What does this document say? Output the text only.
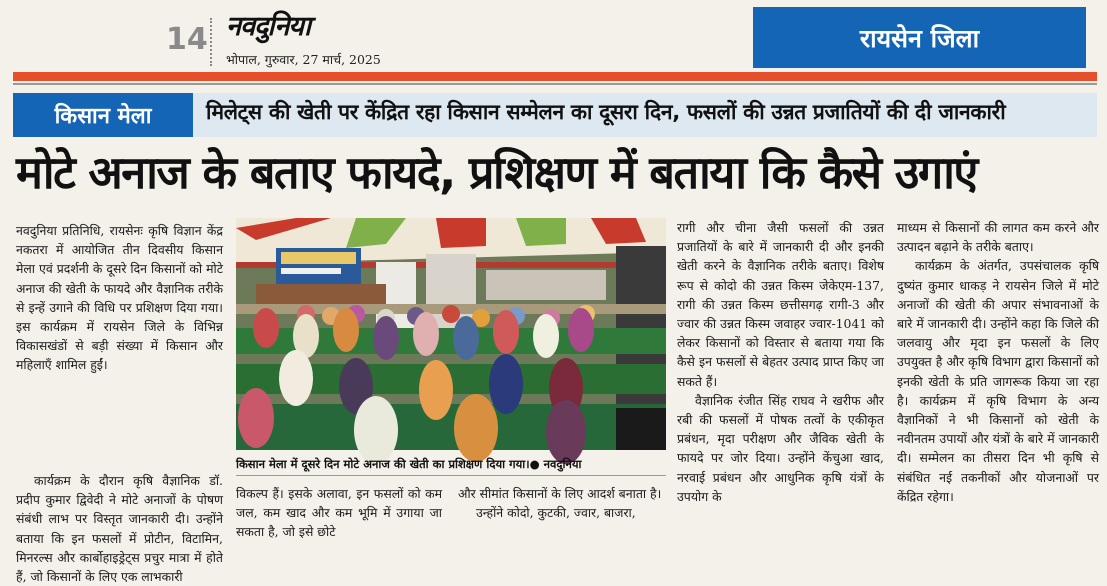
14 नवदुनिया
भोपाल, गुरुवार, 27 मार्च, 2025
रायसेन जिला
किसान मेला	मिलेट्स की खेती पर केंद्रित रहा किसान सम्मेलन का दूसरा दिन, फसलों की उन्नत प्रजातियों की दी जानकारी
मोटे अनाज के बताए फायदे, प्रशिक्षण में बताया कि कैसे उगाएं

नवदुनिया प्रतिनिधि, रायसेनः कृषि विज्ञान केंद्र नकतरा में आयोजित तीन दिवसीय किसान मेला एवं प्रदर्शनी के दूसरे दिन किसानों को मोटे अनाज की खेती के फायदे और वैज्ञानिक तरीके से इन्हें उगाने की विधि पर प्रशिक्षण दिया गया। इस कार्यक्रम में रायसेन जिले के विभिन्न विकासखंडों से बड़ी संख्या में किसान और महिलाएँ शामिल हुईं।

कार्यक्रम के दौरान कृषि वैज्ञानिक डॉ. प्रदीप कुमार द्विवेदी ने मोटे अनाजों के पोषण संबंधी लाभ पर विस्तृत जानकारी दी। उन्होंने बताया कि इन फसलों में प्रोटीन, विटामिन, मिनरल्स और कार्बोहाइड्रेट्स प्रचुर मात्रा में होते हैं, जो किसानों के लिए एक लाभकारी

किसान मेला में दूसरे दिन मोटे अनाज की खेती का प्रशिक्षण दिया गया।● नवदुनिया

विकल्प हैं। इसके अलावा, इन फसलों को कम जल, कम खाद और कम भूमि में उगाया जा सकता है, जो इसे छोटे

और सीमांत किसानों के लिए आदर्श बनाता है।

उन्होंने कोदो, कुटकी, ज्वार, बाजरा,

रागी और चीना जैसी फसलों की उन्नत प्रजातियों के बारे में जानकारी दी और इनकी खेती करने के वैज्ञानिक तरीके बताए। विशेष रूप से कोदो की उन्नत किस्म जेकेएम-137, रागी की उन्नत किस्म छत्तीसगढ़ रागी-3 और ज्वार की उन्नत किस्म जवाहर ज्वार-1041 को लेकर किसानों को विस्तार से बताया गया कि कैसे इन फसलों से बेहतर उत्पाद प्राप्त किए जा सकते हैं।

वैज्ञानिक रंजीत सिंह राघव ने खरीफ और रबी की फसलों में पोषक तत्वों के एकीकृत प्रबंधन, मृदा परीक्षण और जैविक खेती के फायदे पर जोर दिया। उन्होंने केंचुआ खाद, नरवाई प्रबंधन और आधुनिक कृषि यंत्रों के उपयोग के

माध्यम से किसानों की लागत कम करने और उत्पादन बढ़ाने के तरीके बताए।

कार्यक्रम के अंतर्गत, उपसंचालक कृषि दुष्यंत कुमार धाकड़ ने रायसेन जिले में मोटे अनाजों की खेती की अपार संभावनाओं के बारे में जानकारी दी। उन्होंने कहा कि जिले की जलवायु और मृदा इन फसलों के लिए उपयुक्त है और कृषि विभाग द्वारा किसानों को इनकी खेती के प्रति जागरूक किया जा रहा है। कार्यक्रम में कृषि विभाग के अन्य वैज्ञानिकों ने भी किसानों को खेती के नवीनतम उपायों और यंत्रों के बारे में जानकारी दी। सम्मेलन का तीसरा दिन भी कृषि से संबंधित नई तकनीकों और योजनाओं पर केंद्रित रहेगा।
